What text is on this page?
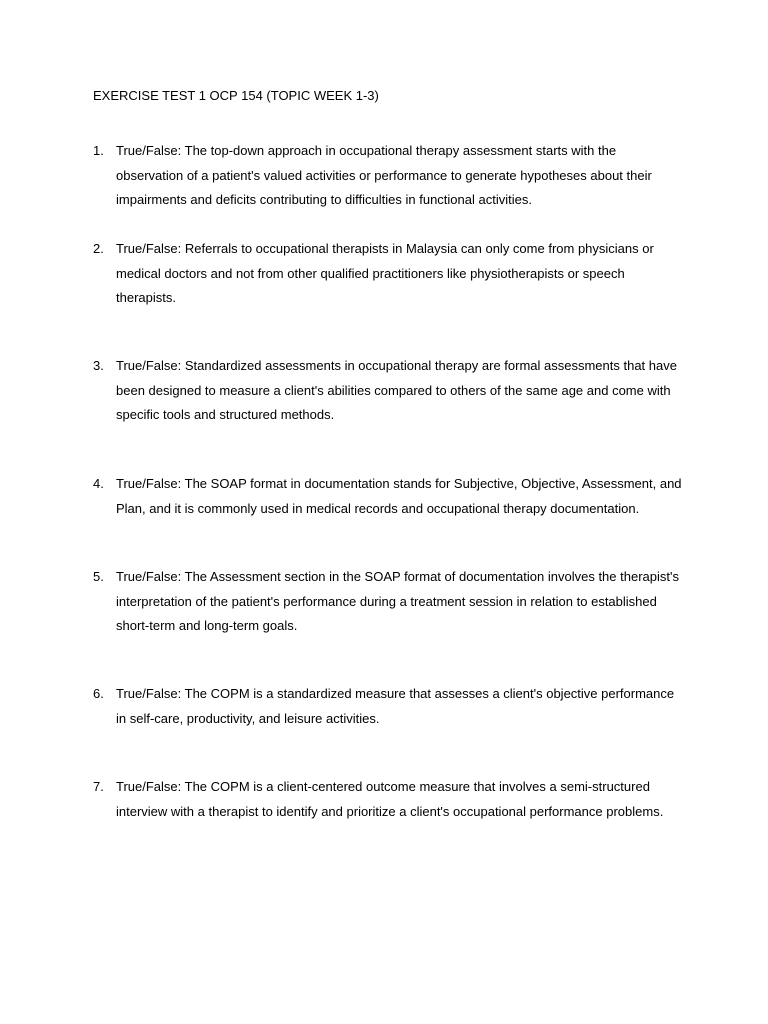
EXERCISE TEST 1 OCP 154 (TOPIC WEEK 1-3)
1. True/False: The top-down approach in occupational therapy assessment starts with the observation of a patient's valued activities or performance to generate hypotheses about their impairments and deficits contributing to difficulties in functional activities.
2. True/False: Referrals to occupational therapists in Malaysia can only come from physicians or medical doctors and not from other qualified practitioners like physiotherapists or speech therapists.
3. True/False: Standardized assessments in occupational therapy are formal assessments that have been designed to measure a client's abilities compared to others of the same age and come with specific tools and structured methods.
4. True/False: The SOAP format in documentation stands for Subjective, Objective, Assessment, and Plan, and it is commonly used in medical records and occupational therapy documentation.
5. True/False: The Assessment section in the SOAP format of documentation involves the therapist's interpretation of the patient's performance during a treatment session in relation to established short-term and long-term goals.
6. True/False: The COPM is a standardized measure that assesses a client's objective performance in self-care, productivity, and leisure activities.
7. True/False: The COPM is a client-centered outcome measure that involves a semi-structured interview with a therapist to identify and prioritize a client's occupational performance problems.
